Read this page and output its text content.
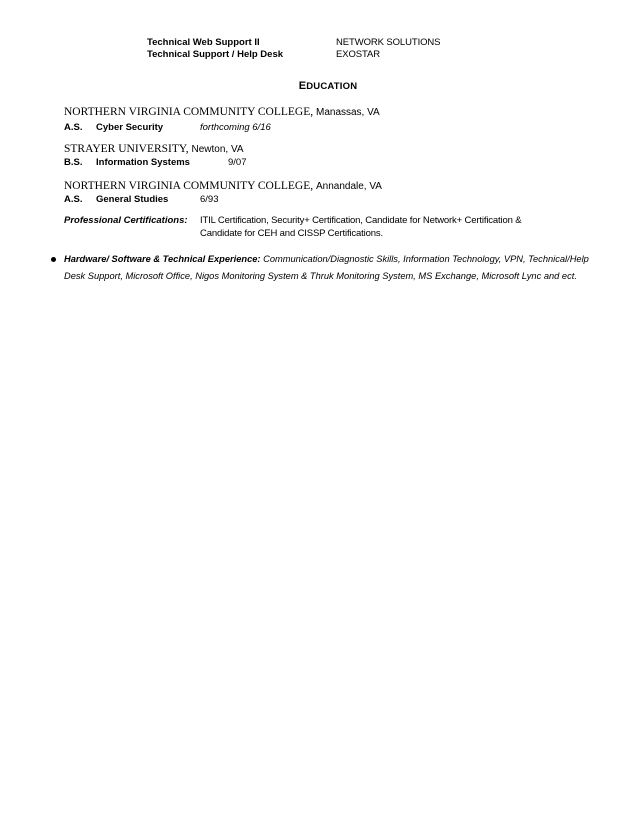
Technical Web Support II	NETWORK SOLUTIONS
Technical Support / Help Desk	EXOSTAR
EDUCATION
NORTHERN VIRGINIA COMMUNITY COLLEGE, Manassas, VA
A.S. Cyber Security	forthcoming 6/16
STRAYER UNIVERSITY, Newton, VA
B.S. Information Systems	9/07
NORTHERN VIRGINIA COMMUNITY COLLEGE, Annandale, VA
A.S. General Studies	6/93
Professional Certifications: ITIL Certification, Security+ Certification, Candidate for Network+ Certification &
Candidate for CEH and CISSP Certifications.
Hardware/ Software & Technical Experience: Communication/Diagnostic Skills, Information Technology, VPN, Technical/Help Desk Support, Microsoft Office, Nigos Monitoring System & Thruk Monitoring System, MS Exchange, Microsoft Lync and ect.
